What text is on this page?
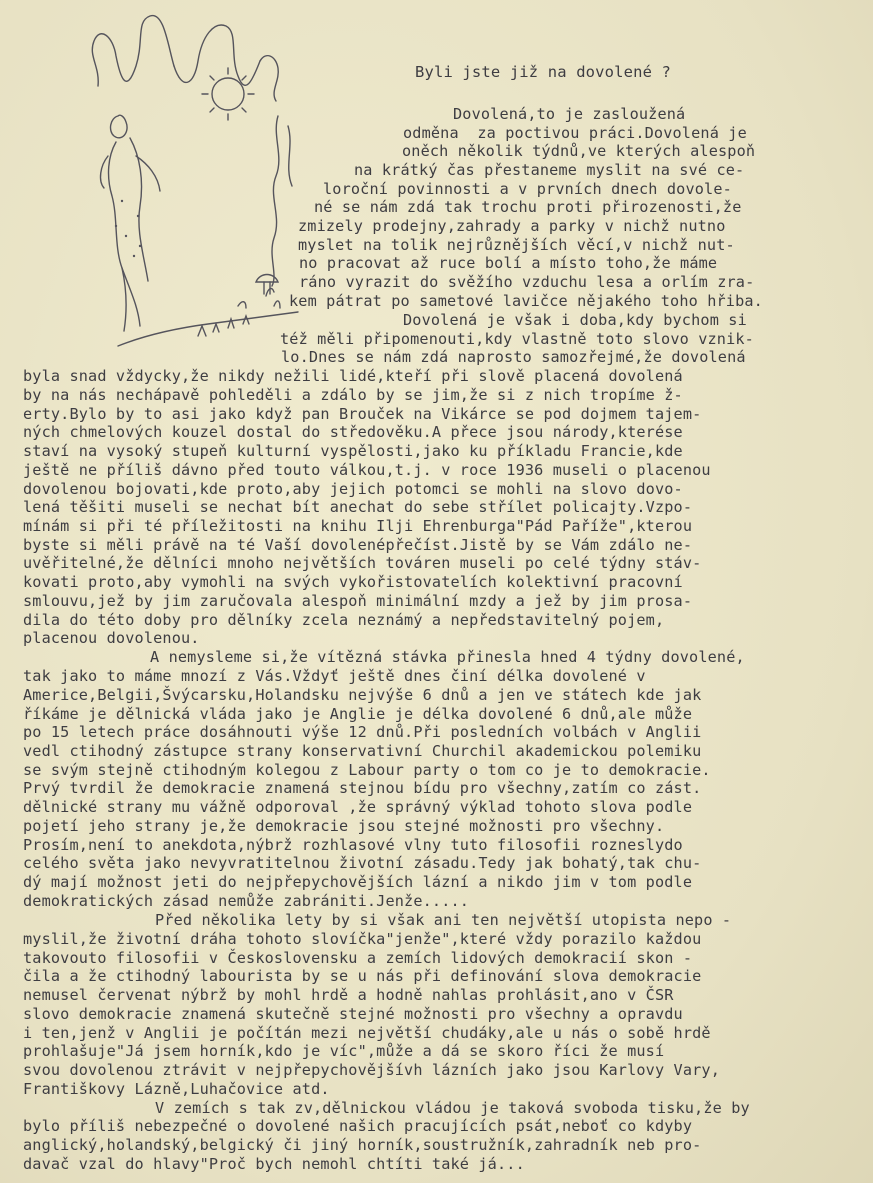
Byli jste již na dovolené ?
Dovolená,to je zasloužená
odměna  za poctivou práci.Dovolená je
oněch několik týdnů,ve kterých alespoň
na krátký čas přestaneme myslit na své ce-
loroční povinnosti a v prvních dnech dovole-
né se nám zdá tak trochu proti přirozenosti,že
zmizely prodejny,zahrady a parky v nichž nutno
myslet na tolik nejrůznějších věcí,v nichž nut-
no pracovat až ruce bolí a místo toho,že máme
ráno vyrazit do svěžího vzduchu lesa a orlím zra-
kem pátrat po sametové lavičce nějakého toho hřiba.
Dovolená je však i doba,kdy bychom si
též měli připomenouti,kdy vlastně toto slovo vznik-
lo.Dnes se nám zdá naprosto samozřejmé,že dovolená
byla snad vždycky,že nikdy nežili lidé,kteří při slově placená dovolená
by na nás nechápavě pohleděli a zdálo by se jim,že si z nich tropíme ž-
erty.Bylo by to asi jako když pan Brouček na Vikárce se pod dojmem tajem-
ných chmelových kouzel dostal do středověku.A přece jsou národy,kterése
staví na vysoký stupeň kulturní vyspělosti,jako ku příkladu Francie,kde
ještě ne příliš dávno před touto válkou,t.j. v roce 1936 museli o placenou
dovolenou bojovati,kde proto,aby jejich potomci se mohli na slovo dovo-
lená těšiti museli se nechat bít anechat do sebe střílet policajty.Vzpo-
mínám si při té příležitosti na knihu Ilji Ehrenburga"Pád Paříže",kterou
byste si měli právě na té Vaší dovolenépřečíst.Jistě by se Vám zdálo ne-
uvěřitelné,že dělníci mnoho největších továren museli po celé týdny stáv-
kovati proto,aby vymohli na svých vykořistovatelích kolektivní pracovní
smlouvu,jež by jim zaručovala alespoň minimální mzdy a jež by jim prosa-
dila do této doby pro dělníky zcela neznámý a nepředstavitelný pojem,
placenou dovolenou.
A nemysleme si,že vítězná stávka přinesla hned 4 týdny dovolené,
tak jako to máme mnozí z Vás.Vždyť ještě dnes činí délka dovolené v
Americe,Belgii,Švýcarsku,Holandsku nejvýše 6 dnů a jen ve státech kde jak
říkáme je dělnická vláda jako je Anglie je délka dovolené 6 dnů,ale může
po 15 letech práce dosáhnouti výše 12 dnů.Při posledních volbách v Anglii
vedl ctihodný zástupce strany konservativní Churchil akademickou polemiku
se svým stejně ctihodným kolegou z Labour party o tom co je to demokracie.
Prvý tvrdil že demokracie znamená stejnou bídu pro všechny,zatím co zást.
dělnické strany mu vážně odporoval ,že správný výklad tohoto slova podle
pojetí jeho strany je,že demokracie jsou stejné možnosti pro všechny.
Prosím,není to anekdota,nýbrž rozhlasové vlny tuto filosofii rozneslydo
celého světa jako nevyvratitelnou životní zásadu.Tedy jak bohatý,tak chu-
dý mají možnost jeti do nejpřepychovějších lázní a nikdo jim v tom podle
demokratických zásad nemůže zabrániti.Jenže.....
Před několika lety by si však ani ten největší utopista nepo -
myslil,že životní dráha tohoto slovíčka"jenže",které vždy porazilo každou
takovouto filosofii v Československu a zemích lidových demokracií skon -
čila a že ctihodný labourista by se u nás při definování slova demokracie
nemusel červenat nýbrž by mohl hrdě a hodně nahlas prohlásit,ano v ČSR
slovo demokracie znamená skutečně stejné možnosti pro všechny a opravdu
i ten,jenž v Anglii je počítán mezi největší chudáky,ale u nás o sobě hrdě
prohlašuje"Já jsem horník,kdo je víc",může a dá se skoro říci že musí
svou dovolenou ztrávit v nejpřepychovějšívh lázních jako jsou Karlovy Vary,
Františkovy Lázně,Luhačovice atd.
V zemích s tak zv,dělnickou vládou je taková svoboda tisku,že by
bylo příliš nebezpečné o dovolené našich pracujících psát,neboť co kdyby
anglický,holandský,belgický či jiný horník,soustružník,zahradník neb pro-
davač vzal do hlavy"Proč bych nemohl chtíti také já...
